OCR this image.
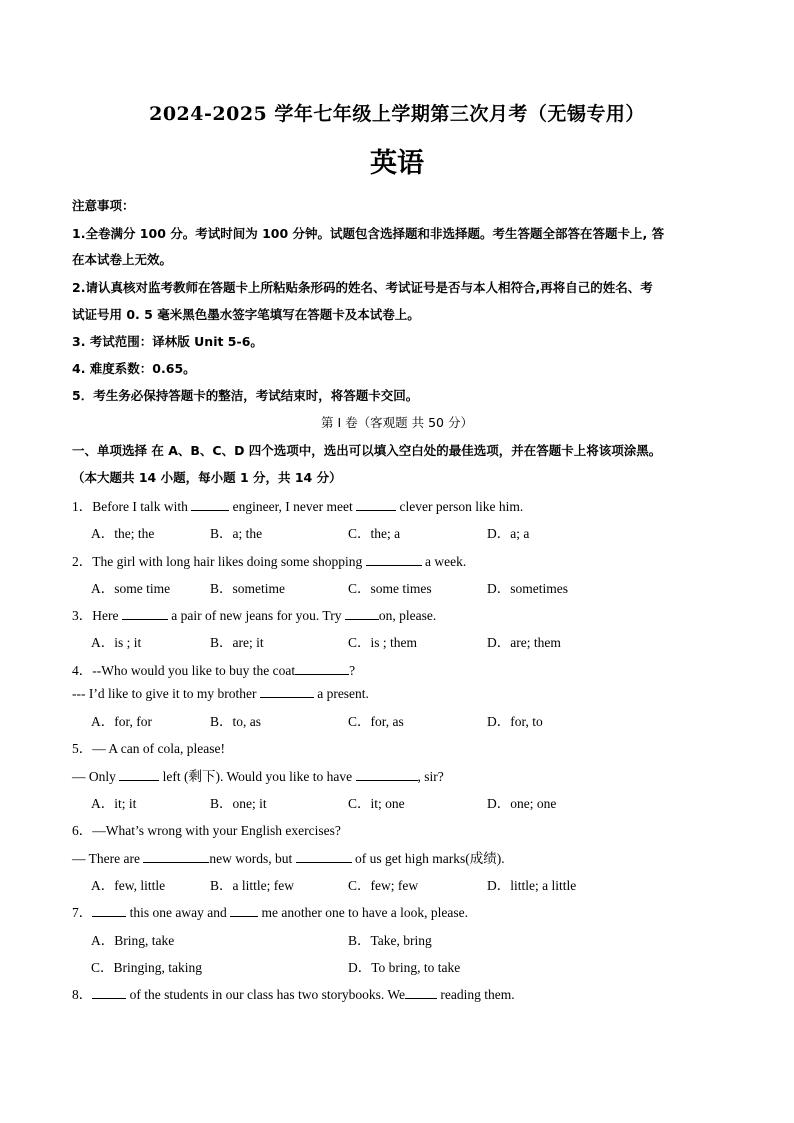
2024-2025 学年七年级上学期第三次月考（无锡专用）
英语
注意事项：
1.全卷满分 100 分。考试时间为 100 分钟。试题包含选择题和非选择题。考生答题全部答在答题卡上, 答
在本试卷上无效。
2.请认真核对监考教师在答题卡上所粘贴条形码的姓名、考试证号是否与本人相符合,再将自己的姓名、考
试证号用 0. 5 毫米黑色墨水签字笔填写在答题卡及本试卷上。
3. 考试范围：译林版 Unit 5-6。
4. 难度系数：0.65。
5．考生务必保持答题卡的整洁，考试结束时，将答题卡交回。
第 I 卷（客观题 共 50 分）
一、单项选择 在 A、B、C、D 四个选项中，选出可以填入空白处的最佳选项，并在答题卡上将该项涂黑。
（本大题共 14 小题，每小题 1 分，共 14 分）
1．Before I talk with	engineer, I never meet	clever person like him.
A．the; the	B．a; the	C．the; a	D．a; a
2．The girl with long hair likes doing some shopping	a week.
A．some time	B．sometime	C．some times	D．sometimes
3．Here	a pair of new jeans for you. Try	on, please.
A．is ; it	B．are; it	C．is ; them	D．are; them
4．--Who would you like to buy the coat	?
--- I’d like to give it to my brother	a present.
A．for, for	B．to, as	C．for, as	D．for, to
5．— A can of cola, please!
— Only	left (剩下). Would you like to have	, sir?
A．it; it	B．one; it	C．it; one	D．one; one
6．—What’s wrong with your English exercises?
— There are	new words, but	of us get high marks(成绩).
A．few, little	B．a little; few	C．few; few	D．little; a little
7．	this one away and  me another one to have a look, please.
A．Bring, take	B．Take, bring
C．Bringing, taking	D．To bring, to take
8．	of the students in our class has two storybooks. We reading them.
